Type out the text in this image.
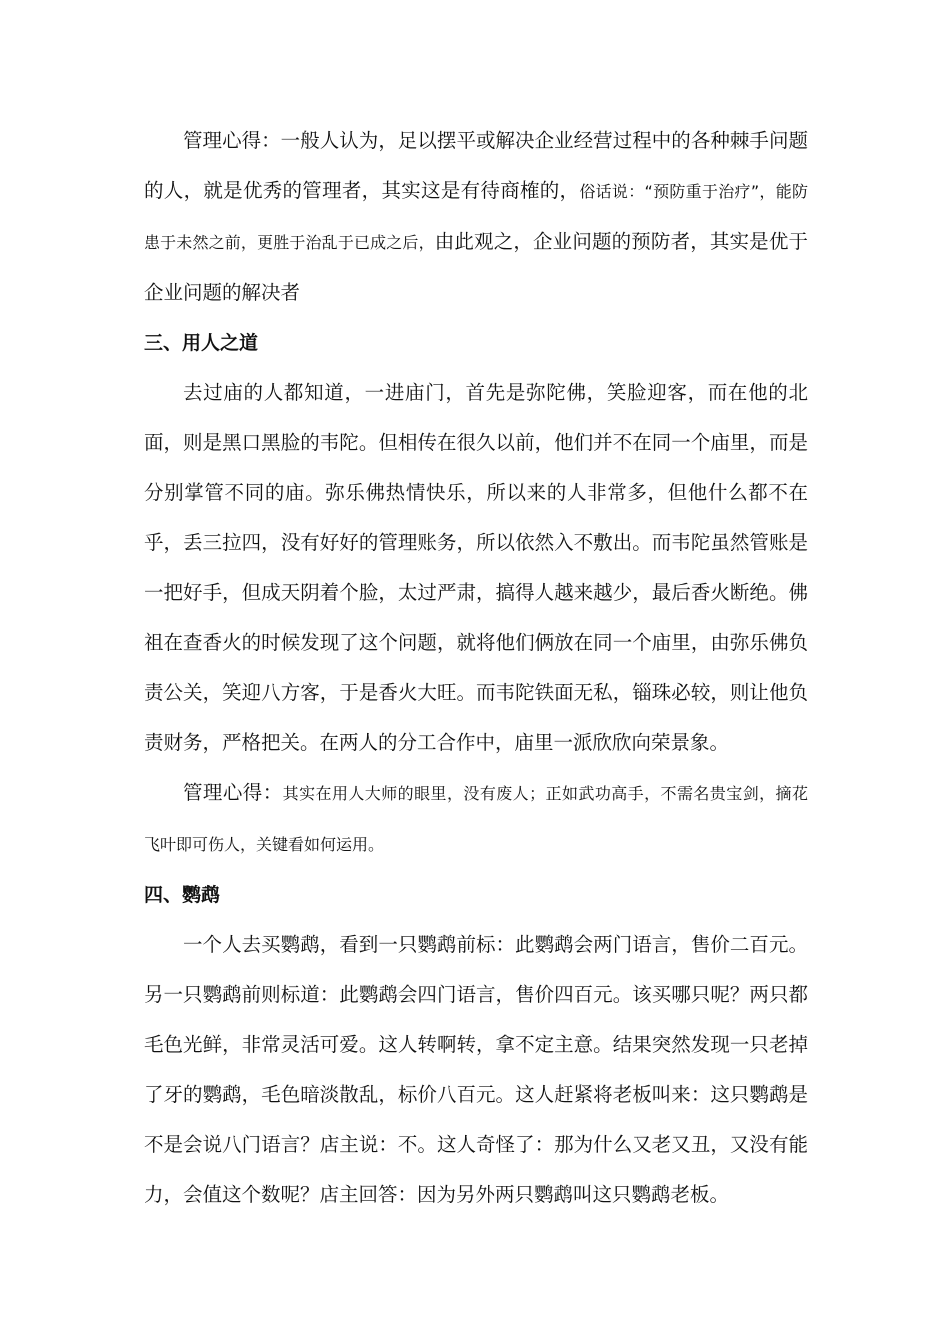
管理心得：一般人认为，足以摆平或解决企业经营过程中的各种棘手问题的人，就是优秀的管理者，其实这是有待商榷的，俗话说：“预防重于治疗”，能防患于未然之前，更胜于治乱于已成之后，由此观之，企业问题的预防者，其实是优于企业问题的解决者

三、用人之道

去过庙的人都知道，一进庙门，首先是弥陀佛，笑脸迎客，而在他的北面，则是黑口黑脸的韦陀。但相传在很久以前，他们并不在同一个庙里，而是分别掌管不同的庙。弥乐佛热情快乐，所以来的人非常多，但他什么都不在乎，丢三拉四，没有好好的管理账务，所以依然入不敷出。而韦陀虽然管账是一把好手，但成天阴着个脸，太过严肃，搞得人越来越少，最后香火断绝。佛祖在查香火的时候发现了这个问题，就将他们俩放在同一个庙里，由弥乐佛负责公关，笑迎八方客，于是香火大旺。而韦陀铁面无私，锱珠必较，则让他负责财务，严格把关。在两人的分工合作中，庙里一派欣欣向荣景象。

管理心得：其实在用人大师的眼里，没有废人；正如武功高手，不需名贵宝剑，摘花飞叶即可伤人，关键看如何运用。

四、鹦鹉

一个人去买鹦鹉，看到一只鹦鹉前标：此鹦鹉会两门语言，售价二百元。另一只鹦鹉前则标道：此鹦鹉会四门语言，售价四百元。该买哪只呢？两只都毛色光鲜，非常灵活可爱。这人转啊转，拿不定主意。结果突然发现一只老掉了牙的鹦鹉，毛色暗淡散乱，标价八百元。这人赶紧将老板叫来：这只鹦鹉是不是会说八门语言？店主说：不。这人奇怪了：那为什么又老又丑，又没有能力，会值这个数呢？店主回答：因为另外两只鹦鹉叫这只鹦鹉老板。
